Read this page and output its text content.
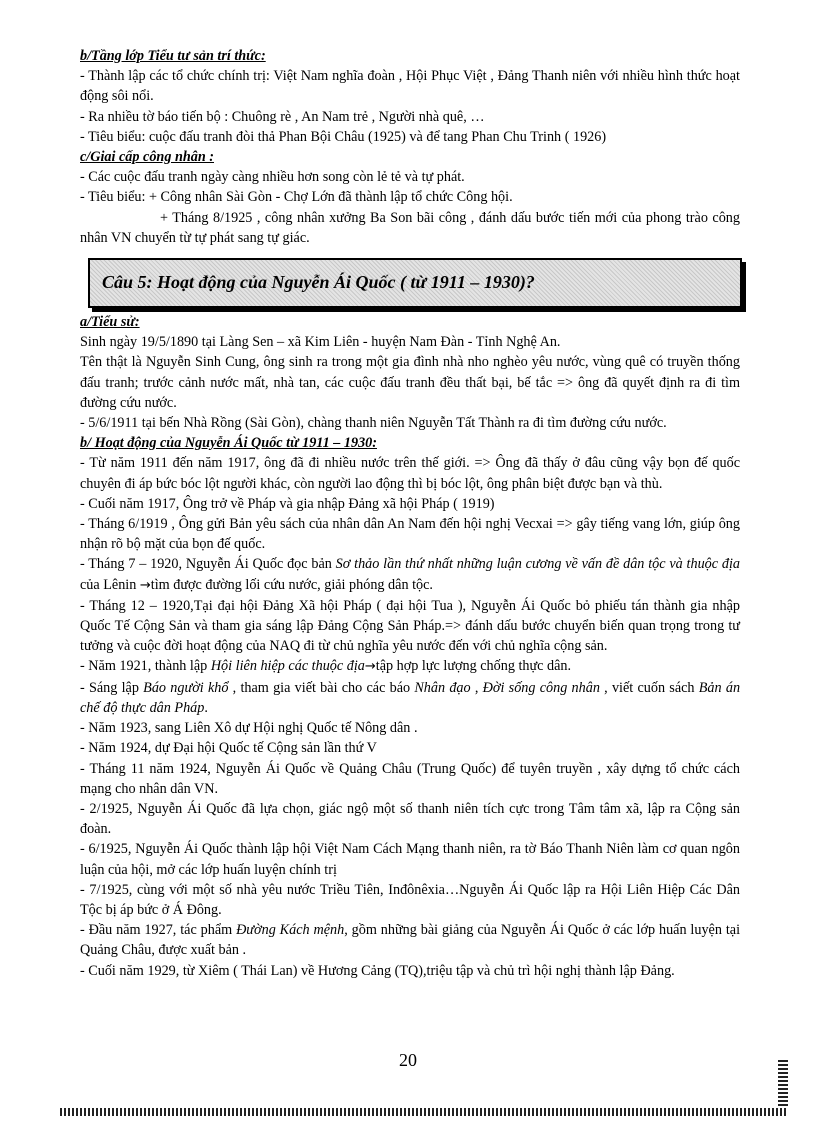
b/Tầng lớp Tiểu tư sản trí thức:

- Thành lập các tổ chức chính trị: Việt Nam nghĩa đoàn , Hội Phục Việt , Đảng Thanh niên với nhiều hình thức hoạt động sôi nổi.

- Ra nhiều tờ báo tiến bộ : Chuông rè , An Nam trẻ , Người nhà quê, …

- Tiêu biểu: cuộc đấu tranh đòi thả Phan Bội Châu (1925) và để tang Phan Chu Trinh ( 1926)

c/Giai cấp công nhân :

- Các cuộc đấu tranh ngày càng nhiều hơn song còn lẻ tẻ và tự phát.

- Tiêu biểu: + Công nhân Sài Gòn - Chợ Lớn đã thành lập tổ chức Công hội.

+ Tháng 8/1925 , công nhân xưởng Ba Son bãi công , đánh dấu bước tiến mới của phong trào công nhân VN chuyển từ tự phát sang tự giác.

Câu 5: Hoạt động của Nguyễn Ái Quốc ( từ 1911 – 1930)?

a/Tiểu sử:

Sinh ngày 19/5/1890 tại Làng Sen – xã Kim Liên - huyện Nam Đàn - Tỉnh Nghệ An.

Tên thật là Nguyễn Sinh Cung, ông sinh ra trong một gia đình nhà nho nghèo yêu nước, vùng quê có truyền thống đấu tranh; trước cảnh nước mất, nhà tan, các cuộc đấu tranh đều thất bại, bế tắc => ông đã quyết định ra đi tìm đường cứu nước.

- 5/6/1911 tại bến Nhà Rồng (Sài Gòn), chàng thanh niên Nguyễn Tất Thành ra đi tìm đường cứu nước.

b/ Hoạt động của Nguyễn Ái Quốc từ 1911 – 1930:

- Từ năm 1911 đến năm 1917, ông đã đi nhiều nước trên thế giới. => Ông đã thấy ở đâu cũng vậy bọn đế quốc chuyên đi áp bức bóc lột người khác, còn người lao động thì bị bóc lột, ông phân biệt được bạn và thù.

- Cuối năm 1917, Ông trở về Pháp và gia nhập Đảng xã hội Pháp ( 1919)

- Tháng 6/1919 , Ông gửi Bản yêu sách của nhân dân An Nam đến hội nghị Vecxai => gây tiếng vang lớn, giúp ông nhận rõ bộ mặt của bọn đế quốc.

- Tháng 7 – 1920, Nguyễn Ái Quốc đọc bản Sơ thảo lần thứ nhất những luận cương về vấn đề dân tộc và thuộc địa của Lênin →tìm được đường lối cứu nước, giải phóng dân tộc.

- Tháng 12 – 1920,Tại đại hội Đảng Xã hội Pháp ( đại hội Tua ), Nguyễn Ái Quốc bỏ phiếu tán thành gia nhập Quốc Tế Cộng Sản và tham gia sáng lập Đảng Cộng Sản Pháp.=> đánh dấu bước chuyển biến quan trọng trong tư tưởng và cuộc đời hoạt động của NAQ đi từ chủ nghĩa yêu nước đến với chủ nghĩa cộng sản.

- Năm 1921, thành lập Hội liên hiệp các thuộc địa→tập hợp lực lượng chống thực dân.

- Sáng lập Báo người khổ , tham gia viết bài cho các báo Nhân đạo , Đời sống công nhân , viết cuốn sách Bản án chế độ thực dân Pháp.

- Năm 1923, sang Liên Xô dự Hội nghị Quốc tế Nông dân .

- Năm 1924, dự Đại hội Quốc tế Cộng sản lần thứ V

- Tháng 11 năm 1924, Nguyễn Ái Quốc về Quảng Châu (Trung Quốc) để tuyên truyền , xây dựng tổ chức cách mạng cho nhân dân VN.

- 2/1925, Nguyễn Ái Quốc đã lựa chọn, giác ngộ một số thanh niên tích cực trong Tâm tâm xã, lập ra Cộng sản đoàn.

- 6/1925, Nguyễn Ái Quốc thành lập hội Việt Nam Cách Mạng thanh niên, ra tờ Báo Thanh Niên làm cơ quan ngôn luận của hội, mở các lớp huấn luyện chính trị

- 7/1925, cùng với một số nhà yêu nước Triều Tiên, Inđônêxia…Nguyễn Ái Quốc lập ra Hội Liên Hiệp Các Dân Tộc bị áp bức ở Á Đông.

- Đầu năm 1927, tác phẩm Đường Kách mệnh, gồm những bài giảng của Nguyễn Ái Quốc ở các lớp huấn luyện tại Quảng Châu, được xuất bản .

- Cuối năm 1929, từ Xiêm ( Thái Lan) về Hương Cảng (TQ),triệu tập và chủ trì hội nghị thành lập Đảng.

20
